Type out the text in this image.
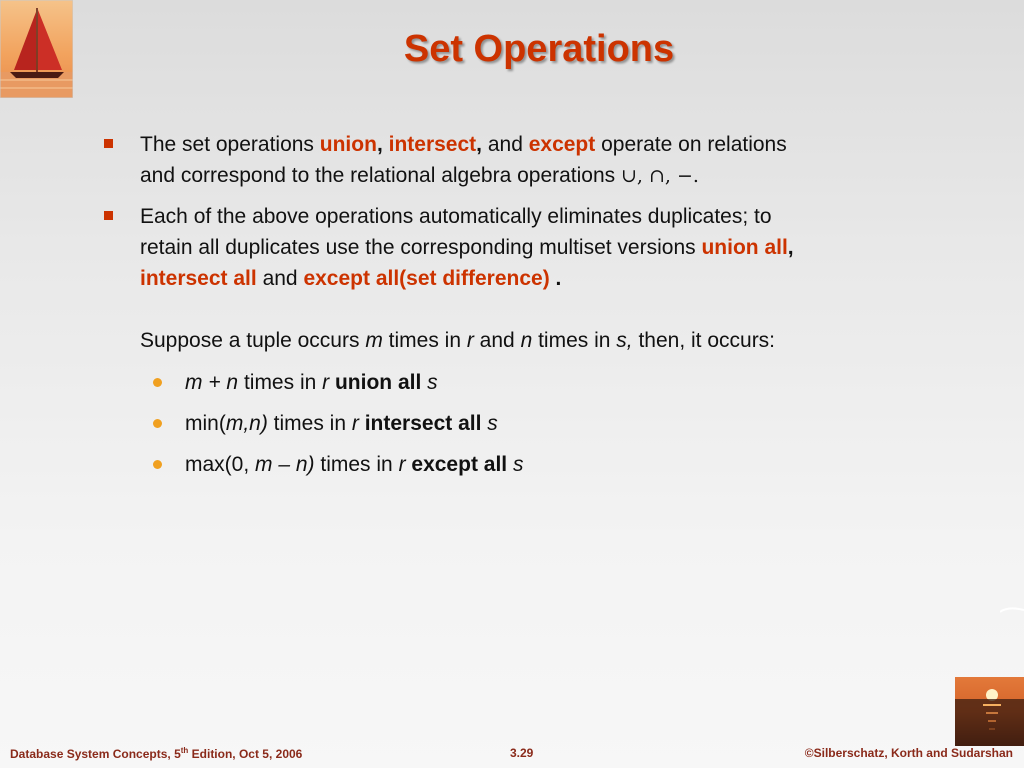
Set Operations
The set operations union, intersect, and except operate on relations
and correspond to the relational algebra operations ∪, ∩, −.
Each of the above operations automatically eliminates duplicates; to
retain all duplicates use the corresponding multiset versions union all,
intersect all and except all(set difference) .
Suppose a tuple occurs m times in r and n times in s, then, it occurs:
m + n times in r union all s
min(m,n) times in r intersect all s
max(0, m – n) times in r except all s
Database System Concepts, 5th Edition, Oct 5, 2006	3.29	©Silberschatz, Korth and Sudarshan
